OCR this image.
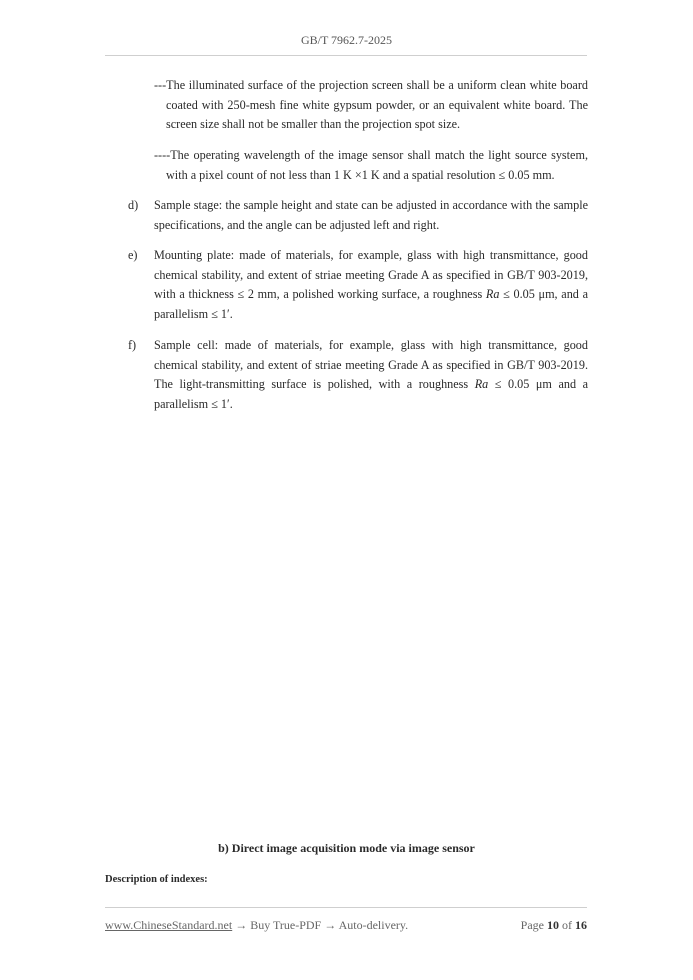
GB/T 7962.7-2025
---The illuminated surface of the projection screen shall be a uniform clean white board coated with 250-mesh fine white gypsum powder, or an equivalent white board. The screen size shall not be smaller than the projection spot size.
----The operating wavelength of the image sensor shall match the light source system, with a pixel count of not less than 1 K ×1 K and a spatial resolution ≤ 0.05 mm.
d) Sample stage: the sample height and state can be adjusted in accordance with the sample specifications, and the angle can be adjusted left and right.
e) Mounting plate: made of materials, for example, glass with high transmittance, good chemical stability, and extent of striae meeting Grade A as specified in GB/T 903-2019, with a thickness ≤ 2 mm, a polished working surface, a roughness Ra ≤ 0.05 μm, and a parallelism ≤ 1′.
f) Sample cell: made of materials, for example, glass with high transmittance, good chemical stability, and extent of striae meeting Grade A as specified in GB/T 903-2019. The light-transmitting surface is polished, with a roughness Ra ≤ 0.05 μm and a parallelism ≤ 1′.
b) Direct image acquisition mode via image sensor
Description of indexes:
www.ChineseStandard.net → Buy True-PDF → Auto-delivery.	Page 10 of 16
